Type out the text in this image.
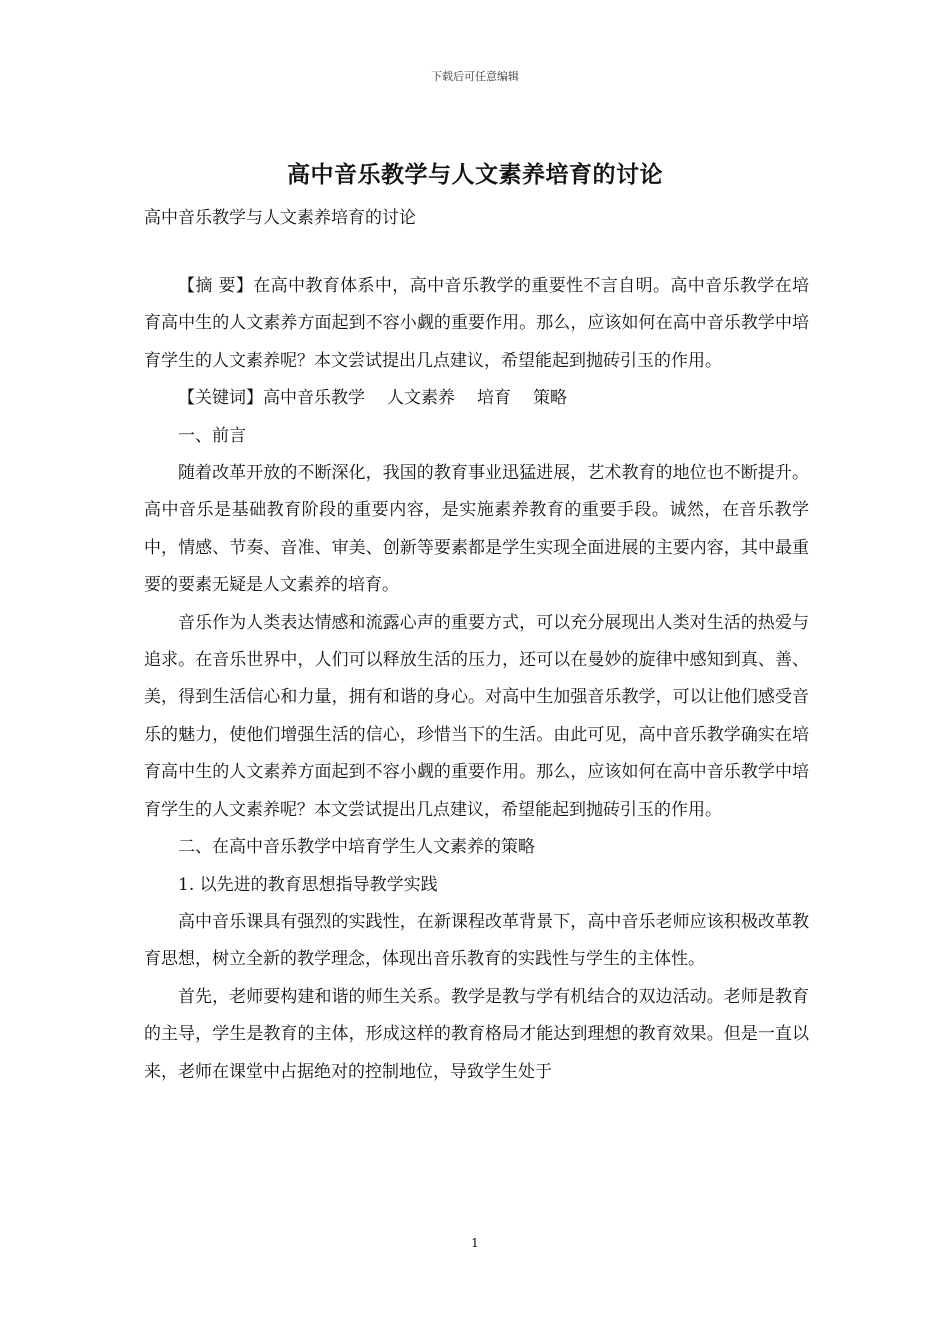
下载后可任意编辑
高中音乐教学与人文素养培育的讨论
高中音乐教学与人文素养培育的讨论

【摘 要】在高中教育体系中，高中音乐教学的重要性不言自明。高中音乐教学在培育高中生的人文素养方面起到不容小觑的重要作用。那么，应该如何在高中音乐教学中培育学生的人文素养呢？本文尝试提出几点建议，希望能起到抛砖引玉的作用。

【关键词】高中音乐教学 人文素养 培育 策略

一、前言

随着改革开放的不断深化，我国的教育事业迅猛进展，艺术教育的地位也不断提升。高中音乐是基础教育阶段的重要内容，是实施素养教育的重要手段。诚然，在音乐教学中，情感、节奏、音准、审美、创新等要素都是学生实现全面进展的主要内容，其中最重要的要素无疑是人文素养的培育。

音乐作为人类表达情感和流露心声的重要方式，可以充分展现出人类对生活的热爱与追求。在音乐世界中，人们可以释放生活的压力，还可以在曼妙的旋律中感知到真、善、美，得到生活信心和力量，拥有和谐的身心。对高中生加强音乐教学，可以让他们感受音乐的魅力，使他们增强生活的信心，珍惜当下的生活。由此可见，高中音乐教学确实在培育高中生的人文素养方面起到不容小觑的重要作用。那么，应该如何在高中音乐教学中培育学生的人文素养呢？本文尝试提出几点建议，希望能起到抛砖引玉的作用。

二、在高中音乐教学中培育学生人文素养的策略

1. 以先进的教育思想指导教学实践

高中音乐课具有强烈的实践性，在新课程改革背景下，高中音乐老师应该积极改革教育思想，树立全新的教学理念，体现出音乐教育的实践性与学生的主体性。

首先，老师要构建和谐的师生关系。教学是教与学有机结合的双边活动。老师是教育的主导，学生是教育的主体，形成这样的教育格局才能达到理想的教育效果。但是一直以来，老师在课堂中占据绝对的控制地位，导致学生处于

1
